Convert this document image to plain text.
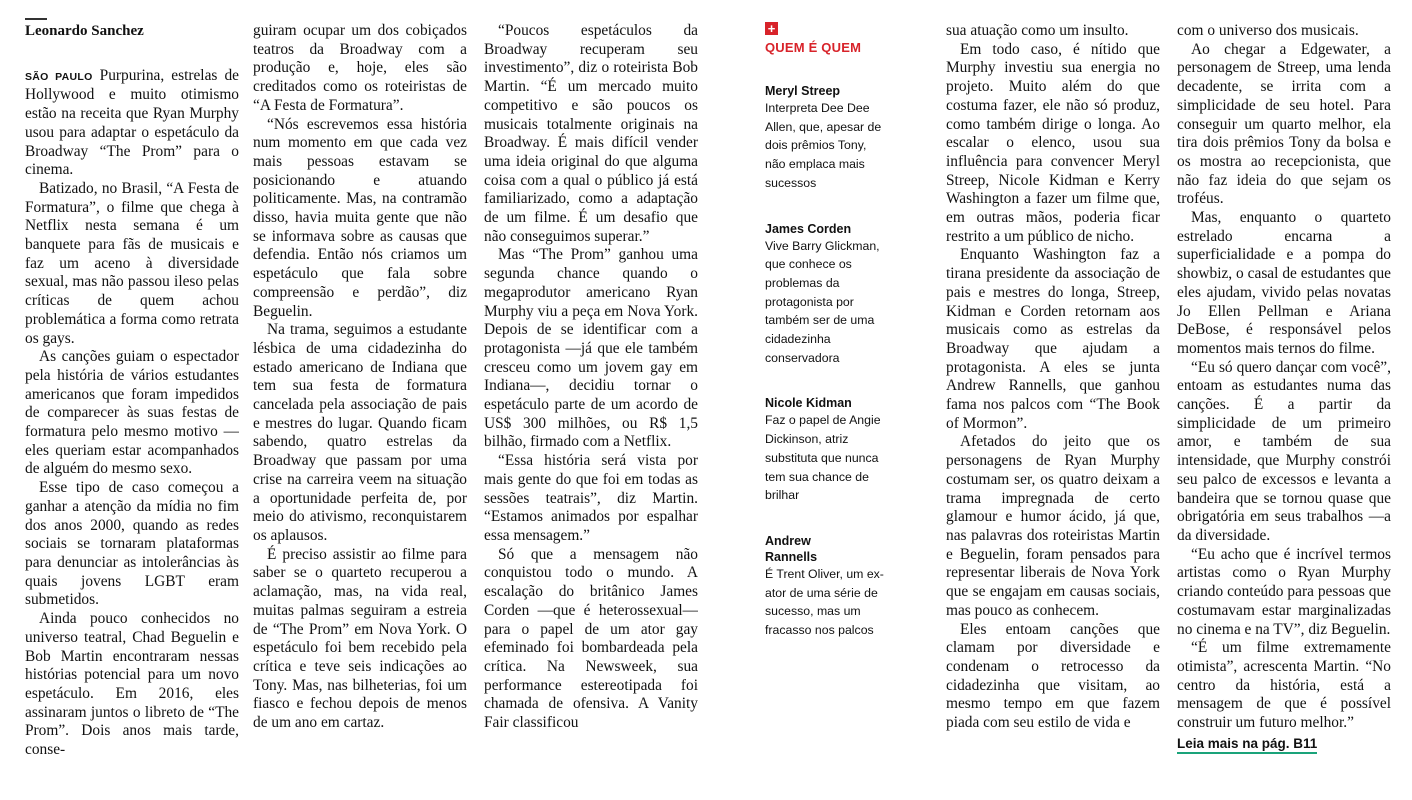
Leonardo Sanchez

SÃO PAULO Purpurina, estrelas de Hollywood e muito otimismo estão na receita que Ryan Murphy usou para adaptar o espetáculo da Broadway “The Prom” para o cinema.

Batizado, no Brasil, “A Festa de Formatura”, o filme que chega à Netflix nesta semana é um banquete para fãs de musicais e faz um aceno à diversidade sexual, mas não passou ileso pelas críticas de quem achou problemática a forma como retrata os gays.

As canções guiam o espectador pela história de vários estudantes americanos que foram impedidos de comparecer às suas festas de formatura pelo mesmo motivo —eles queriam estar acompanhados de alguém do mesmo sexo.

Esse tipo de caso começou a ganhar a atenção da mídia no fim dos anos 2000, quando as redes sociais se tornaram plataformas para denunciar as intolerâncias às quais jovens LGBT eram submetidos.

Ainda pouco conhecidos no universo teatral, Chad Beguelin e Bob Martin encontraram nessas histórias potencial para um novo espetáculo. Em 2016, eles assinaram juntos o libreto de “The Prom”. Dois anos mais tarde, conse-

guiram ocupar um dos cobiçados teatros da Broadway com a produção e, hoje, eles são creditados como os roteiristas de “A Festa de Formatura”.

“Nós escrevemos essa história num momento em que cada vez mais pessoas estavam se posicionando e atuando politicamente. Mas, na contramão disso, havia muita gente que não se informava sobre as causas que defendia. Então nós criamos um espetáculo que fala sobre compreensão e perdão”, diz Beguelin.

Na trama, seguimos a estudante lésbica de uma cidadezinha do estado americano de Indiana que tem sua festa de formatura cancelada pela associação de pais e mestres do lugar. Quando ficam sabendo, quatro estrelas da Broadway que passam por uma crise na carreira veem na situação a oportunidade perfeita de, por meio do ativismo, reconquistarem os aplausos.

É preciso assistir ao filme para saber se o quarteto recuperou a aclamação, mas, na vida real, muitas palmas seguiram a estreia de “The Prom” em Nova York. O espetáculo foi bem recebido pela crítica e teve seis indicações ao Tony. Mas, nas bilheterias, foi um fiasco e fechou depois de menos de um ano em cartaz.

“Poucos espetáculos da Broadway recuperam seu investimento”, diz o roteirista Bob Martin. “É um mercado muito competitivo e são poucos os musicais totalmente originais na Broadway. É mais difícil vender uma ideia original do que alguma coisa com a qual o público já está familiarizado, como a adaptação de um filme. É um desafio que não conseguimos superar.”

Mas “The Prom” ganhou uma segunda chance quando o megaprodutor americano Ryan Murphy viu a peça em Nova York. Depois de se identificar com a protagonista —já que ele também cresceu como um jovem gay em Indiana—, decidiu tornar o espetáculo parte de um acordo de US$ 300 milhões, ou R$ 1,5 bilhão, firmado com a Netflix.

“Essa história será vista por mais gente do que foi em todas as sessões teatrais”, diz Martin. “Estamos animados por espalhar essa mensagem.”

Só que a mensagem não conquistou todo o mundo. A escalação do britânico James Corden —que é heterossexual— para o papel de um ator gay efeminado foi bombardeada pela crítica. Na Newsweek, sua performance estereotipada foi chamada de ofensiva. A Vanity Fair classificou

+
QUEM É QUEM
Meryl Streep
Interpreta Dee Dee Allen, que, apesar de dois prêmios Tony, não emplaca mais sucessos
James Corden
Vive Barry Glickman, que conhece os problemas da protagonista por também ser de uma cidadezinha conservadora
Nicole Kidman
Faz o papel de Angie Dickinson, atriz substituta que nunca tem sua chance de brilhar
Andrew Rannells
É Trent Oliver, um ex-ator de uma série de sucesso, mas um fracasso nos palcos

sua atuação como um insulto.

Em todo caso, é nítido que Murphy investiu sua energia no projeto. Muito além do que costuma fazer, ele não só produz, como também dirige o longa. Ao escalar o elenco, usou sua influência para convencer Meryl Streep, Nicole Kidman e Kerry Washington a fazer um filme que, em outras mãos, poderia ficar restrito a um público de nicho.

Enquanto Washington faz a tirana presidente da associação de pais e mestres do longa, Streep, Kidman e Corden retornam aos musicais como as estrelas da Broadway que ajudam a protagonista. A eles se junta Andrew Rannells, que ganhou fama nos palcos com “The Book of Mormon”.

Afetados do jeito que os personagens de Ryan Murphy costumam ser, os quatro deixam a trama impregnada de certo glamour e humor ácido, já que, nas palavras dos roteiristas Martin e Beguelin, foram pensados para representar liberais de Nova York que se engajam em causas sociais, mas pouco as conhecem.

Eles entoam canções que clamam por diversidade e condenam o retrocesso da cidadezinha que visitam, ao mesmo tempo em que fazem piada com seu estilo de vida e

com o universo dos musicais.

Ao chegar a Edgewater, a personagem de Streep, uma lenda decadente, se irrita com a simplicidade de seu hotel. Para conseguir um quarto melhor, ela tira dois prêmios Tony da bolsa e os mostra ao recepcionista, que não faz ideia do que sejam os troféus.

Mas, enquanto o quarteto estrelado encarna a superficialidade e a pompa do showbiz, o casal de estudantes que eles ajudam, vivido pelas novatas Jo Ellen Pellman e Ariana DeBose, é responsável pelos momentos mais ternos do filme.

“Eu só quero dançar com você”, entoam as estudantes numa das canções. É a partir da simplicidade de um primeiro amor, e também de sua intensidade, que Murphy constrói seu palco de excessos e levanta a bandeira que se tornou quase que obrigatória em seus trabalhos —a da diversidade.

“Eu acho que é incrível termos artistas como o Ryan Murphy criando conteúdo para pessoas que costumavam estar marginalizadas no cinema e na TV”, diz Beguelin.

“É um filme extremamente otimista”, acrescenta Martin. “No centro da história, está a mensagem de que é possível construir um futuro melhor.”

Leia mais na pág. B11
